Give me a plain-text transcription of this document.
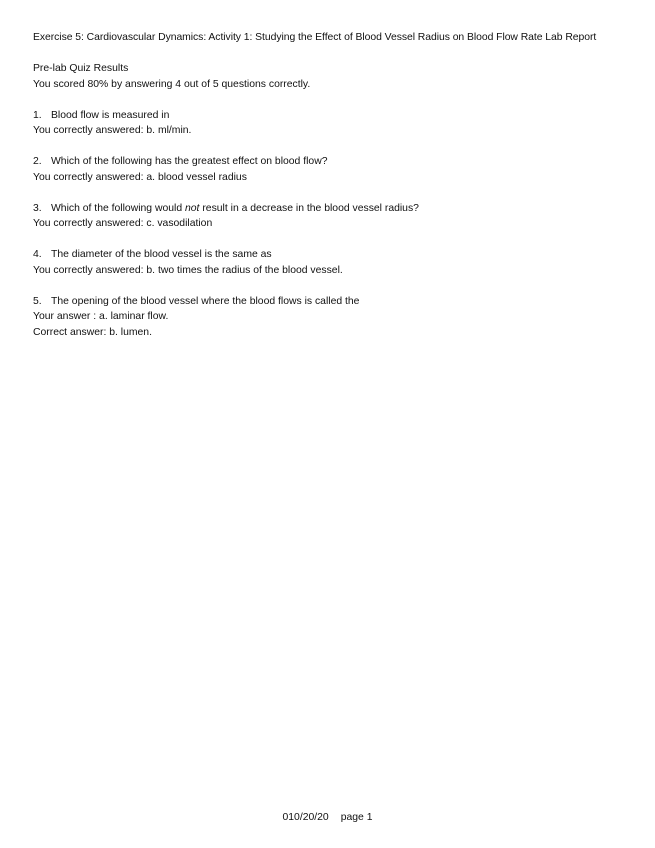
Exercise 5: Cardiovascular Dynamics: Activity 1: Studying the Effect of Blood Vessel Radius on Blood Flow Rate Lab Report
Pre-lab Quiz Results
You scored 80% by answering 4 out of 5 questions correctly.
1. Blood flow is measured in
You correctly answered: b. ml/min.
2. Which of the following has the greatest effect on blood flow?
You correctly answered: a. blood vessel radius
3. Which of the following would not result in a decrease in the blood vessel radius?
You correctly answered: c. vasodilation
4. The diameter of the blood vessel is the same as
You correctly answered: b. two times the radius of the blood vessel.
5. The opening of the blood vessel where the blood flows is called the
Your answer : a. laminar flow.
Correct answer: b. lumen.
010/20/20 page 1
